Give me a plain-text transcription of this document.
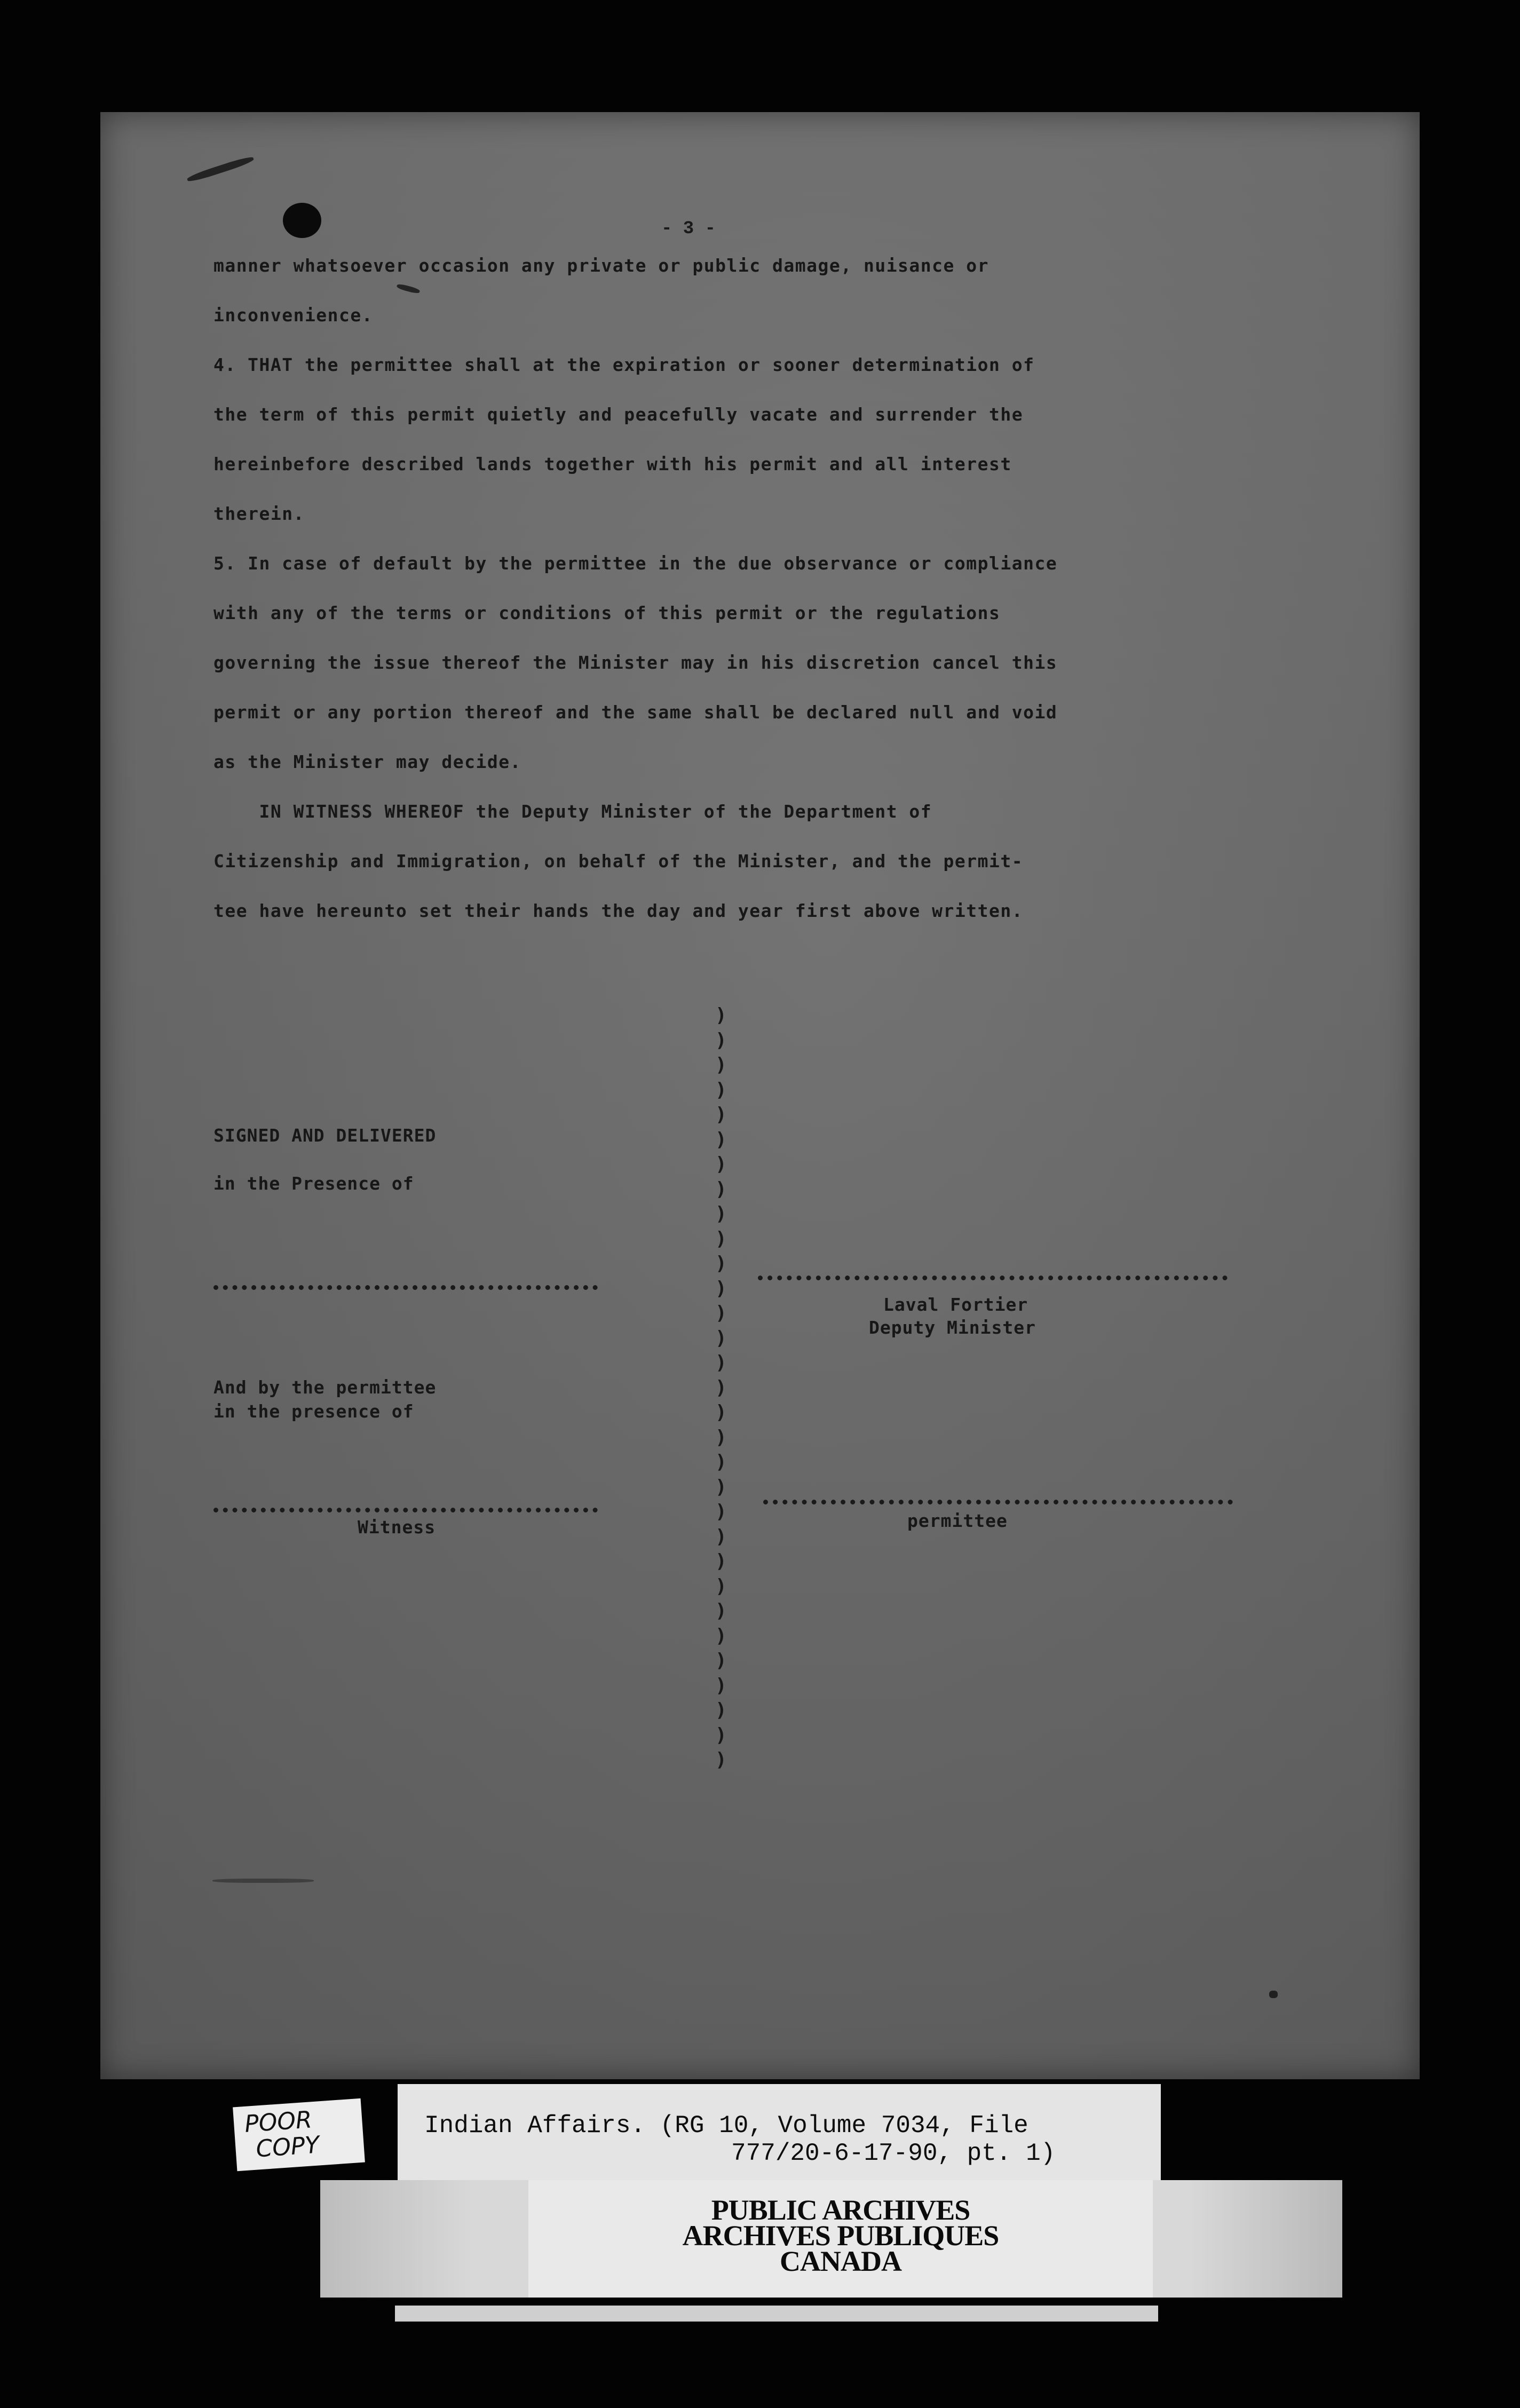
- 3 -
manner whatsoever occasion any private or public damage, nuisance or
inconvenience.
4. THAT the permittee shall at the expiration or sooner determination of
the term of this permit quietly and peacefully vacate and surrender the
hereinbefore described lands together with his permit and all interest
therein.
5. In case of default by the permittee in the due observance or compliance
with any of the terms or conditions of this permit or the regulations
governing the issue thereof the Minister may in his discretion cancel this
permit or any portion thereof and the same shall be declared null and void
as the Minister may decide.
IN WITNESS WHEREOF the Deputy Minister of the Department of
Citizenship and Immigration, on behalf of the Minister, and the permit-
tee have hereunto set their hands the day and year first above written.
SIGNED AND DELIVERED
in the Presence of
Laval Fortier
Deputy Minister
And by the permittee
in the presence of
Witness	permittee
)
)
)
)
)
)
)
)
)
)
)
)
)
)
)
)
)
)
)
)
)
)
)
)
)
)
)
)
)
)
)
POOR
COPY
Indian Affairs. (RG 10, Volume 7034, File
777/20-6-17-90, pt. 1)
PUBLIC ARCHIVES
ARCHIVES PUBLIQUES
CANADA
